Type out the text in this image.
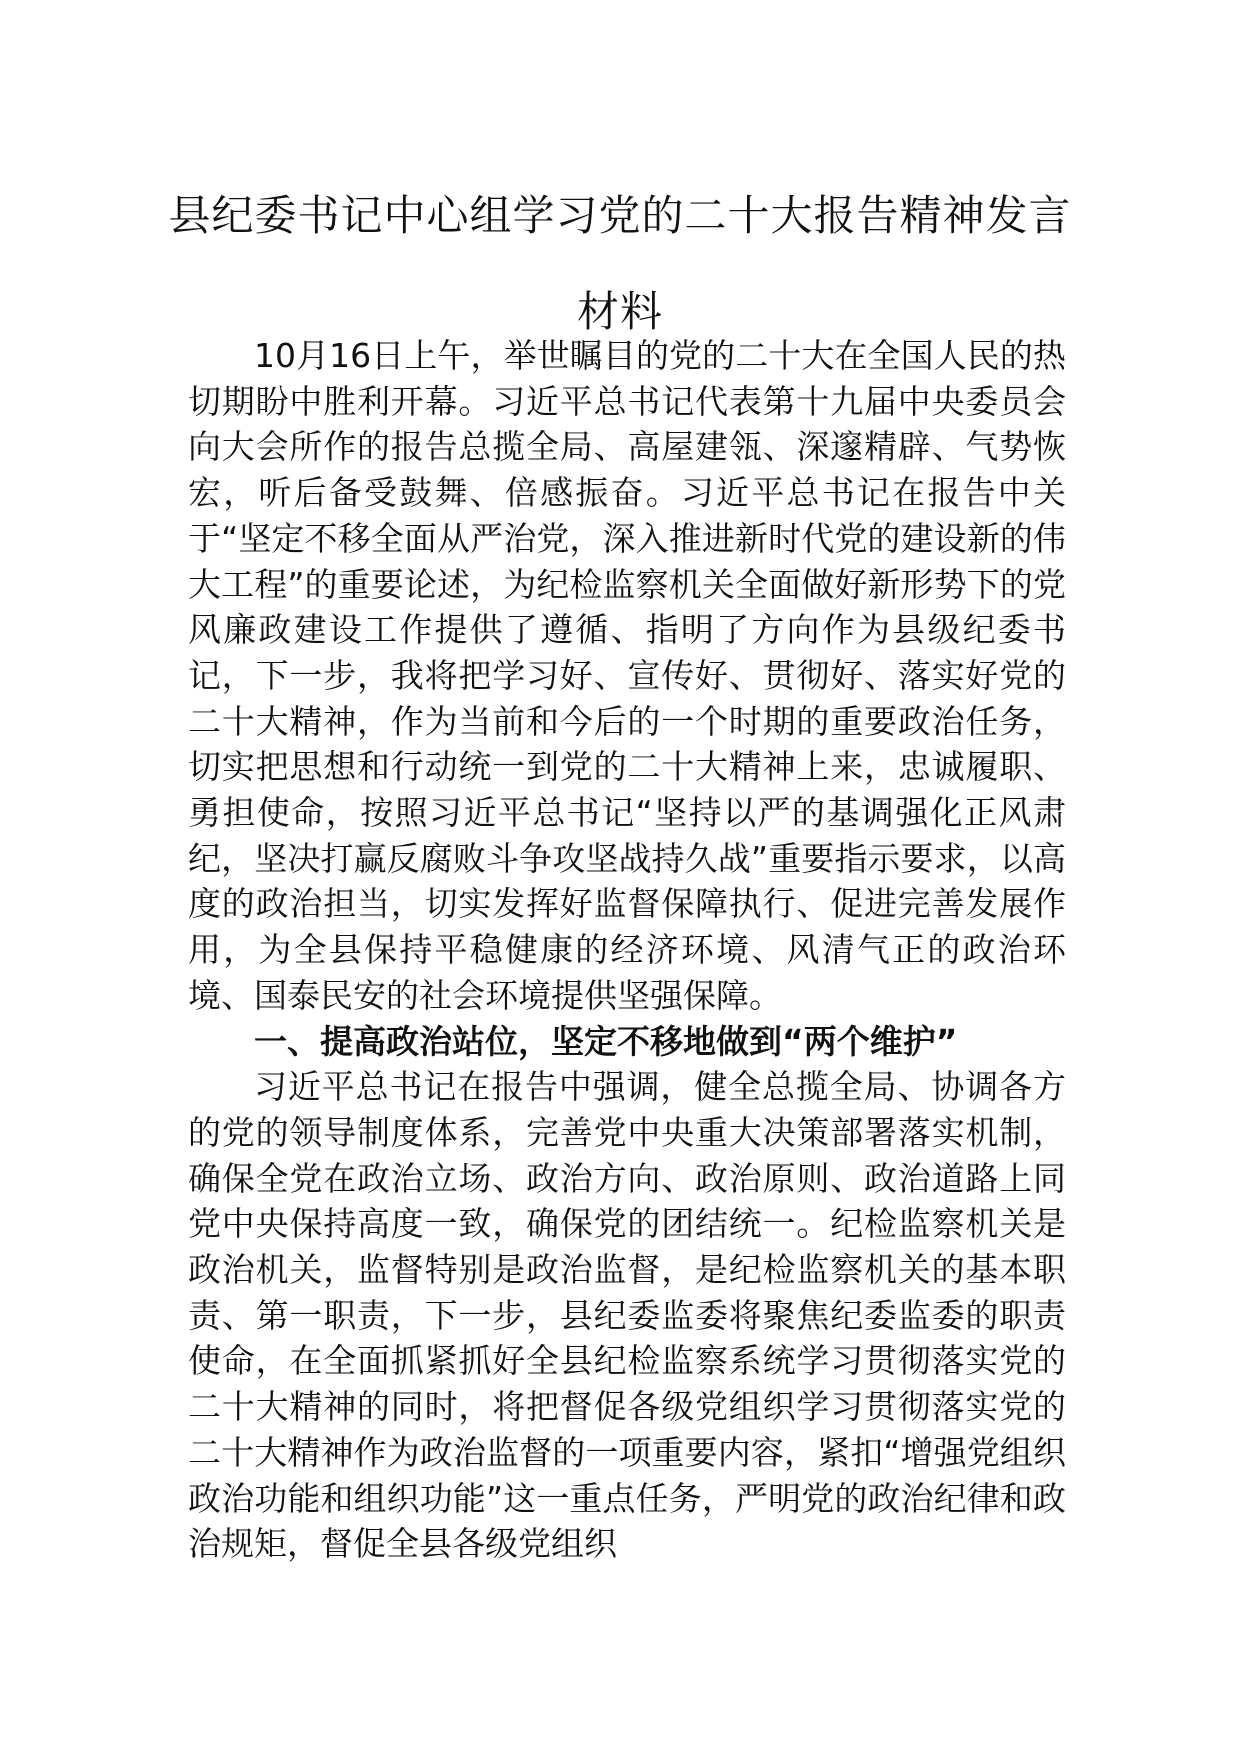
县纪委书记中心组学习党的二十大报告精神发言材料

10月16日上午，举世瞩目的党的二十大在全国人民的热切期盼中胜利开幕。习近平总书记代表第十九届中央委员会向大会所作的报告总揽全局、高屋建瓴、深邃精辟、气势恢宏，听后备受鼓舞、倍感振奋。习近平总书记在报告中关于“坚定不移全面从严治党，深入推进新时代党的建设新的伟大工程”的重要论述，为纪检监察机关全面做好新形势下的党风廉政建设工作提供了遵循、指明了方向作为县级纪委书记，下一步，我将把学习好、宣传好、贯彻好、落实好党的二十大精神，作为当前和今后的一个时期的重要政治任务，切实把思想和行动统一到党的二十大精神上来，忠诚履职、勇担使命，按照习近平总书记“坚持以严的基调强化正风肃纪，坚决打赢反腐败斗争攻坚战持久战”重要指示要求，以高度的政治担当，切实发挥好监督保障执行、促进完善发展作用，为全县保持平稳健康的经济环境、风清气正的政治环境、国泰民安的社会环境提供坚强保障。

一、提高政治站位，坚定不移地做到“两个维护”

习近平总书记在报告中强调，健全总揽全局、协调各方的党的领导制度体系，完善党中央重大决策部署落实机制，确保全党在政治立场、政治方向、政治原则、政治道路上同党中央保持高度一致，确保党的团结统一。纪检监察机关是政治机关，监督特别是政治监督，是纪检监察机关的基本职责、第一职责，下一步，县纪委监委将聚焦纪委监委的职责使命，在全面抓紧抓好全县纪检监察系统学习贯彻落实党的二十大精神的同时，将把督促各级党组织学习贯彻落实党的二十大精神作为政治监督的一项重要内容，紧扣“增强党组织政治功能和组织功能”这一重点任务，严明党的政治纪律和政治规矩，督促全县各级党组织
